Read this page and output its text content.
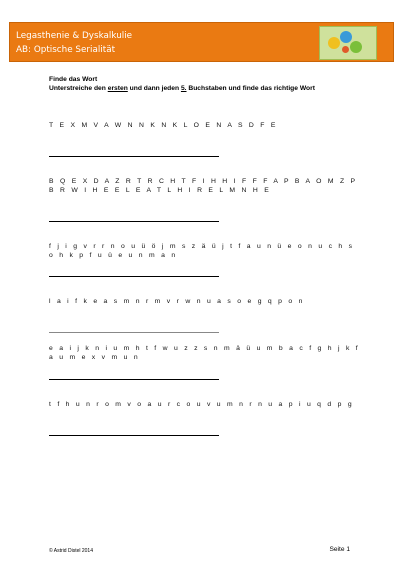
Legasthenie & Dyskalkulie
AB: Optische Serialität
Finde das Wort
Unterstreiche den ersten und dann jeden 5. Buchstaben und finde das richtige Wort
T E X M V A W N N K N K L O E N A S D F E
B Q E X D A Z R T R C H T F I H H I F F F A P B A O M Z P B R W I H E E L E A T L H I R E L M N H E
f j i g v r r n o u ü ö j m s z ä ü j t f a u n ü e o n u c h s o h k p f u ü e u n m a n
l a i f k e a s m n r m v r w n u a s o e g q p o n
e a i j k n i u m h t f w u z z s n m ä ü u m b a c f g h j k f a u m e x v m u n
t f h u n r o m v o a u r c o u v u m n r n u a p i u q d p g
© Astrid Distel 2014	Seite 1
